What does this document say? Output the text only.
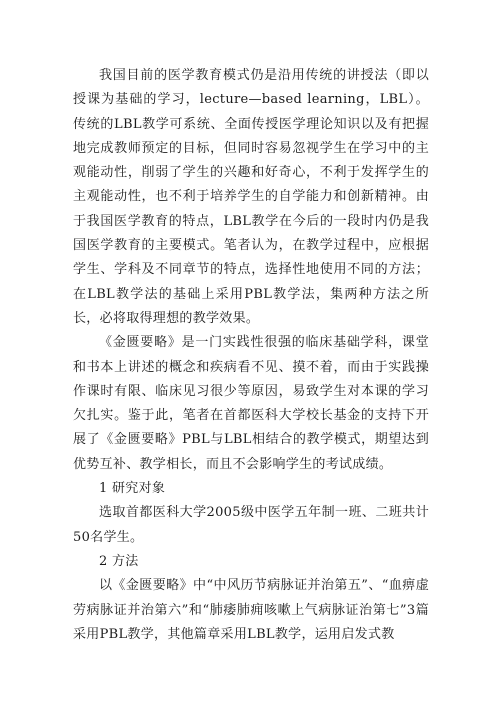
我国目前的医学教育模式仍是沿用传统的讲授法（即以授课为基础的学习，lecture—based learning，LBL）。传统的LBL教学可系统、全面传授医学理论知识以及有把握地完成教师预定的目标，但同时容易忽视学生在学习中的主观能动性，削弱了学生的兴趣和好奇心，不利于发挥学生的主观能动性，也不利于培养学生的自学能力和创新精神。由于我国医学教育的特点，LBL教学在今后的一段时内仍是我国医学教育的主要模式。笔者认为，在教学过程中，应根据学生、学科及不同章节的特点，选择性地使用不同的方法；在LBL教学法的基础上采用PBL教学法，集两种方法之所长，必将取得理想的教学效果。

《金匮要略》是一门实践性很强的临床基础学科，课堂和书本上讲述的概念和疾病看不见、摸不着，而由于实践操作课时有限、临床见习很少等原因，易致学生对本课的学习欠扎实。鉴于此，笔者在首都医科大学校长基金的支持下开展了《金匮要略》PBL与LBL相结合的教学模式，期望达到优势互补、教学相长，而且不会影响学生的考试成绩。

1 研究对象

选取首都医科大学2005级中医学五年制一班、二班共计50名学生。

2 方法

以《金匮要略》中“中风历节病脉证并治第五”、“血痹虚劳病脉证并治第六”和“肺痿肺痈咳嗽上气病脉证治第七”3篇采用PBL教学，其他篇章采用LBL教学，运用启发式教
